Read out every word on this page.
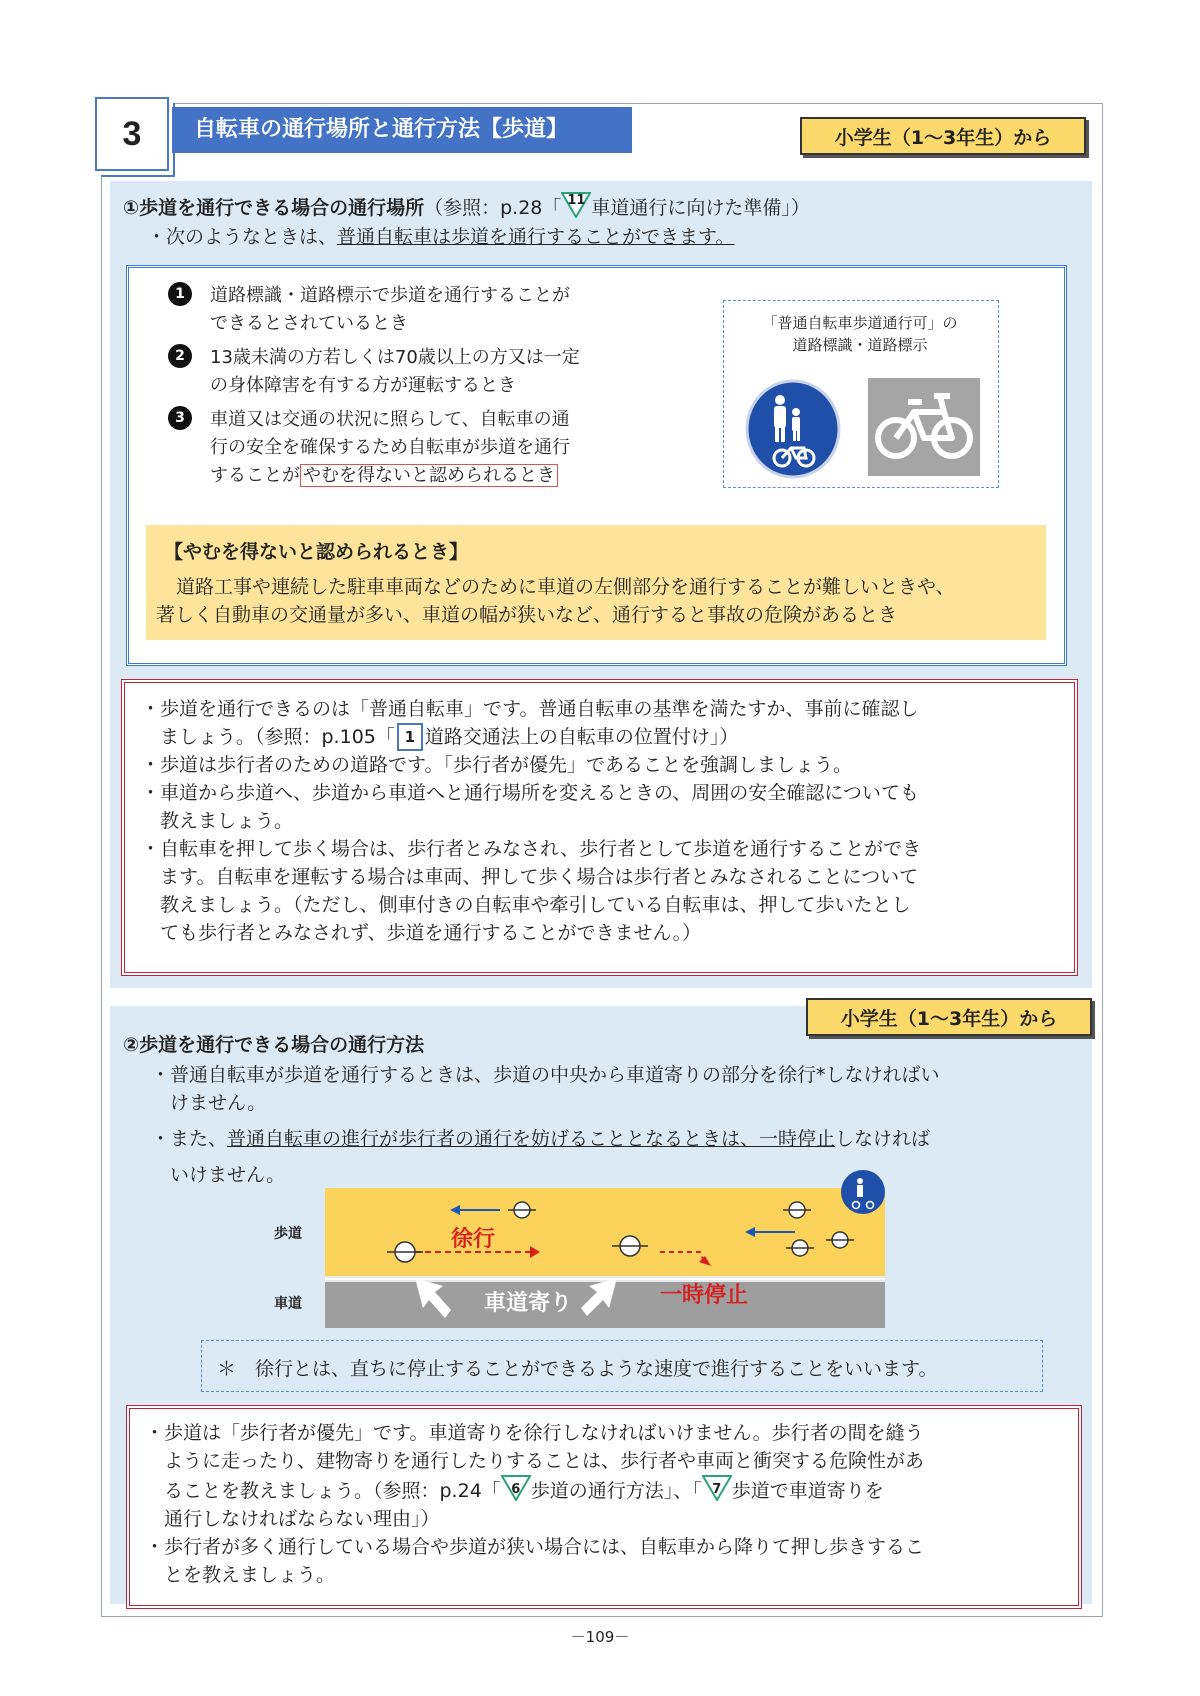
3	自転車の通行場所と通行方法【歩道】	小学生（1～3年生）から
①歩道を通行できる場合の通行場所（参照：p.28「 11 車道通行に向けた準備」）
・次のようなときは、普通自転車は歩道を通行することができます。
1	道路標識・道路標示で歩道を通行することが
できるとされているとき
2	13歳未満の方若しくは70歳以上の方又は一定
の身体障害を有する方が運転するとき
3	車道又は交通の状況に照らして、自転車の通
行の安全を確保するため自転車が歩道を通行
することが やむを得ないと認められるとき
「普通自転車歩道通行可」の
道路標識・道路標示
【やむを得ないと認められるとき】
道路工事や連続した駐車車両などのために車道の左側部分を通行することが難しいときや、
著しく自動車の交通量が多い、車道の幅が狭いなど、通行すると事故の危険があるとき
・歩道を通行できるのは「普通自転車」です。普通自転車の基準を満たすか、事前に確認し
ましょう。（参照：p.105「 1 道路交通法上の自転車の位置付け」）
・歩道は歩行者のための道路です。「歩行者が優先」であることを強調しましょう。
・車道から歩道へ、歩道から車道へと通行場所を変えるときの、周囲の安全確認についても
教えましょう。
・自転車を押して歩く場合は、歩行者とみなされ、歩行者として歩道を通行することができ
ます。自転車を運転する場合は車両、押して歩く場合は歩行者とみなされることについて
教えましょう。（ただし、側車付きの自転車や牽引している自転車は、押して歩いたとし
ても歩行者とみなされず、歩道を通行することができません。）
小学生（1～3年生）から
②歩道を通行できる場合の通行方法
・普通自転車が歩道を通行するときは、歩道の中央から車道寄りの部分を徐行*しなければい
けません。
・また、普通自転車の進行が歩行者の通行を妨げることとなるときは、一時停止しなければ
いけません。
歩道
車道
徐行
一時停止
車道寄り
＊　徐行とは、直ちに停止することができるような速度で進行することをいいます。
・歩道は「歩行者が優先」です。車道寄りを徐行しなければいけません。歩行者の間を縫う
ように走ったり、建物寄りを通行したりすることは、歩行者や車両と衝突する危険性があ
ることを教えましょう。（参照：p.24「 6 歩道の通行方法」、「 7 歩道で車道寄りを
通行しなければならない理由」）
・歩行者が多く通行している場合や歩道が狭い場合には、自転車から降りて押し歩きするこ
とを教えましょう。
－109－
